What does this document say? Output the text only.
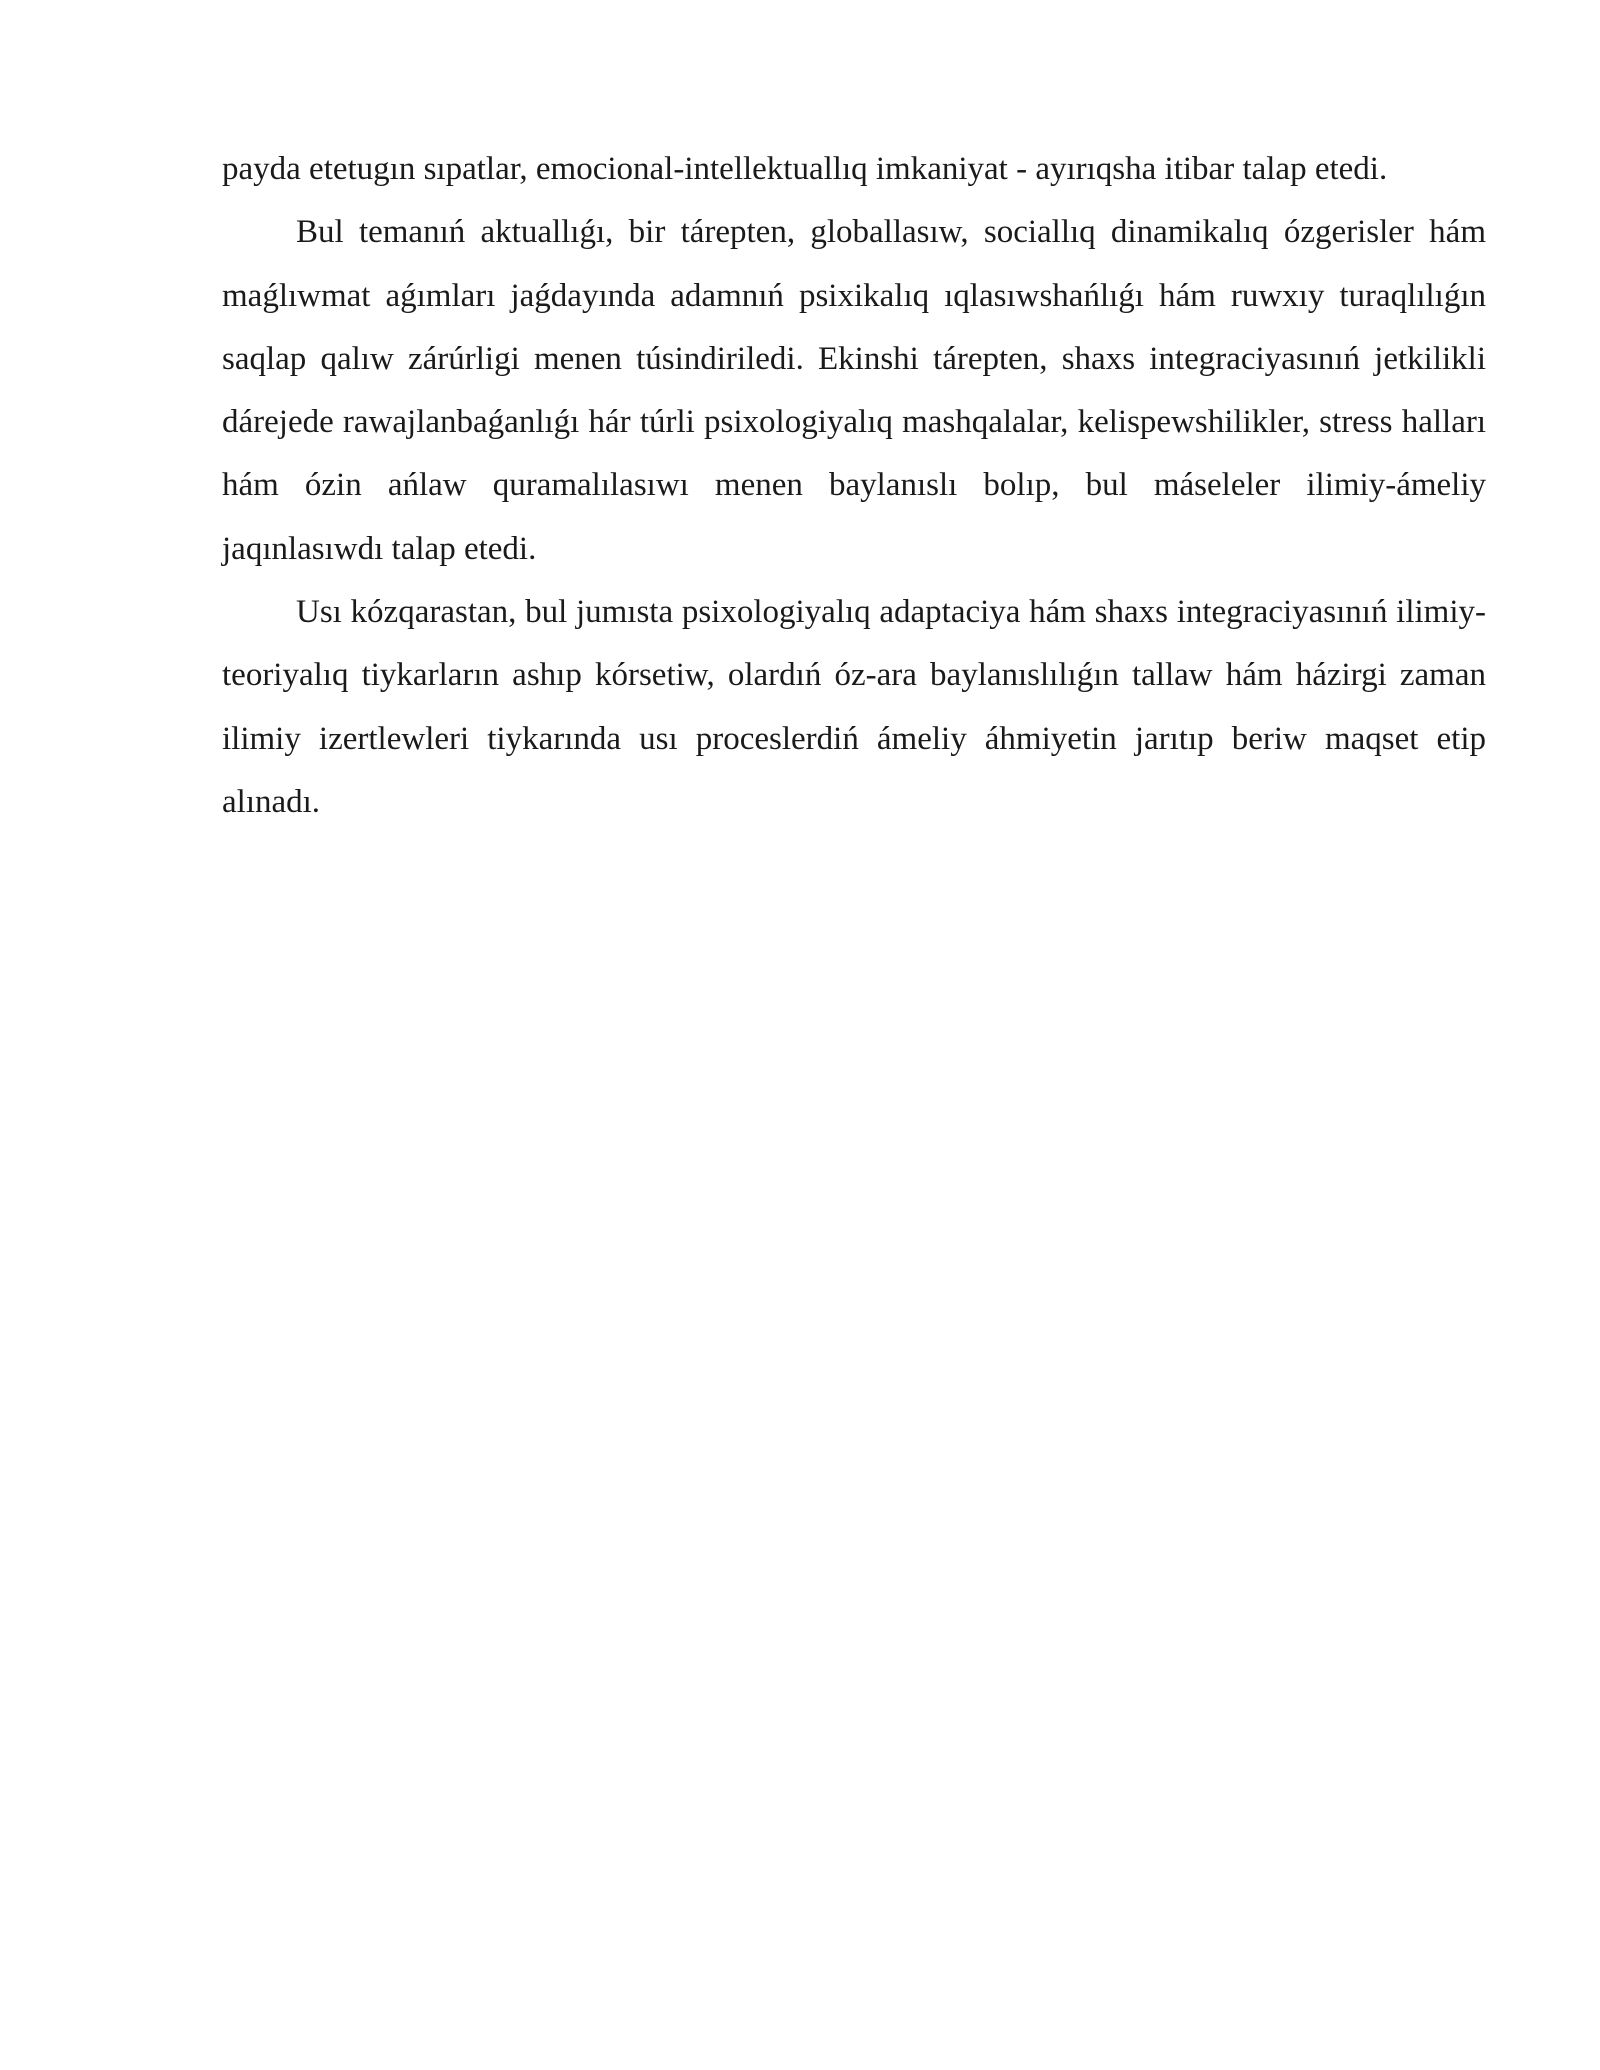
payda etetugın sıpatlar, emocional-intellektuallıq imkaniyat - ayırıqsha itibar talap etedi.

Bul temanıń aktuallıǵı, bir tárepten, globallasıw, sociallıq dinamikalıq ózgerisler hám maǵlıwmat aǵımları jaǵdayında adamnıń psixikalıq ıqlasıwshańlıǵı hám ruwxıy turaqlılıǵın saqlap qalıw zárúrligi menen túsindiriledi. Ekinshi tárepten, shaxs integraciyasınıń jetkilikli dárejede rawajlanbaǵanlıǵı hár túrli psixologiyalıq mashqalalar, kelispewshilikler, stress halları hám ózin ańlaw quramalılasıwı menen baylanıslı bolıp, bul máseleler ilimiy-ámeliy jaqınlasıwdı talap etedi.

Usı kózqarastan, bul jumısta psixologiyalıq adaptaciya hám shaxs integraciyasınıń ilimiy-teoriyalıq tiykarların ashıp kórsetiw, olardıń óz-ara baylanıslılıǵın tallaw hám házirgi zaman ilimiy izertlewleri tiykarında usı proceslerdiń ámeliy áhmiyetin jarıtıp beriw maqset etip alınadı.
